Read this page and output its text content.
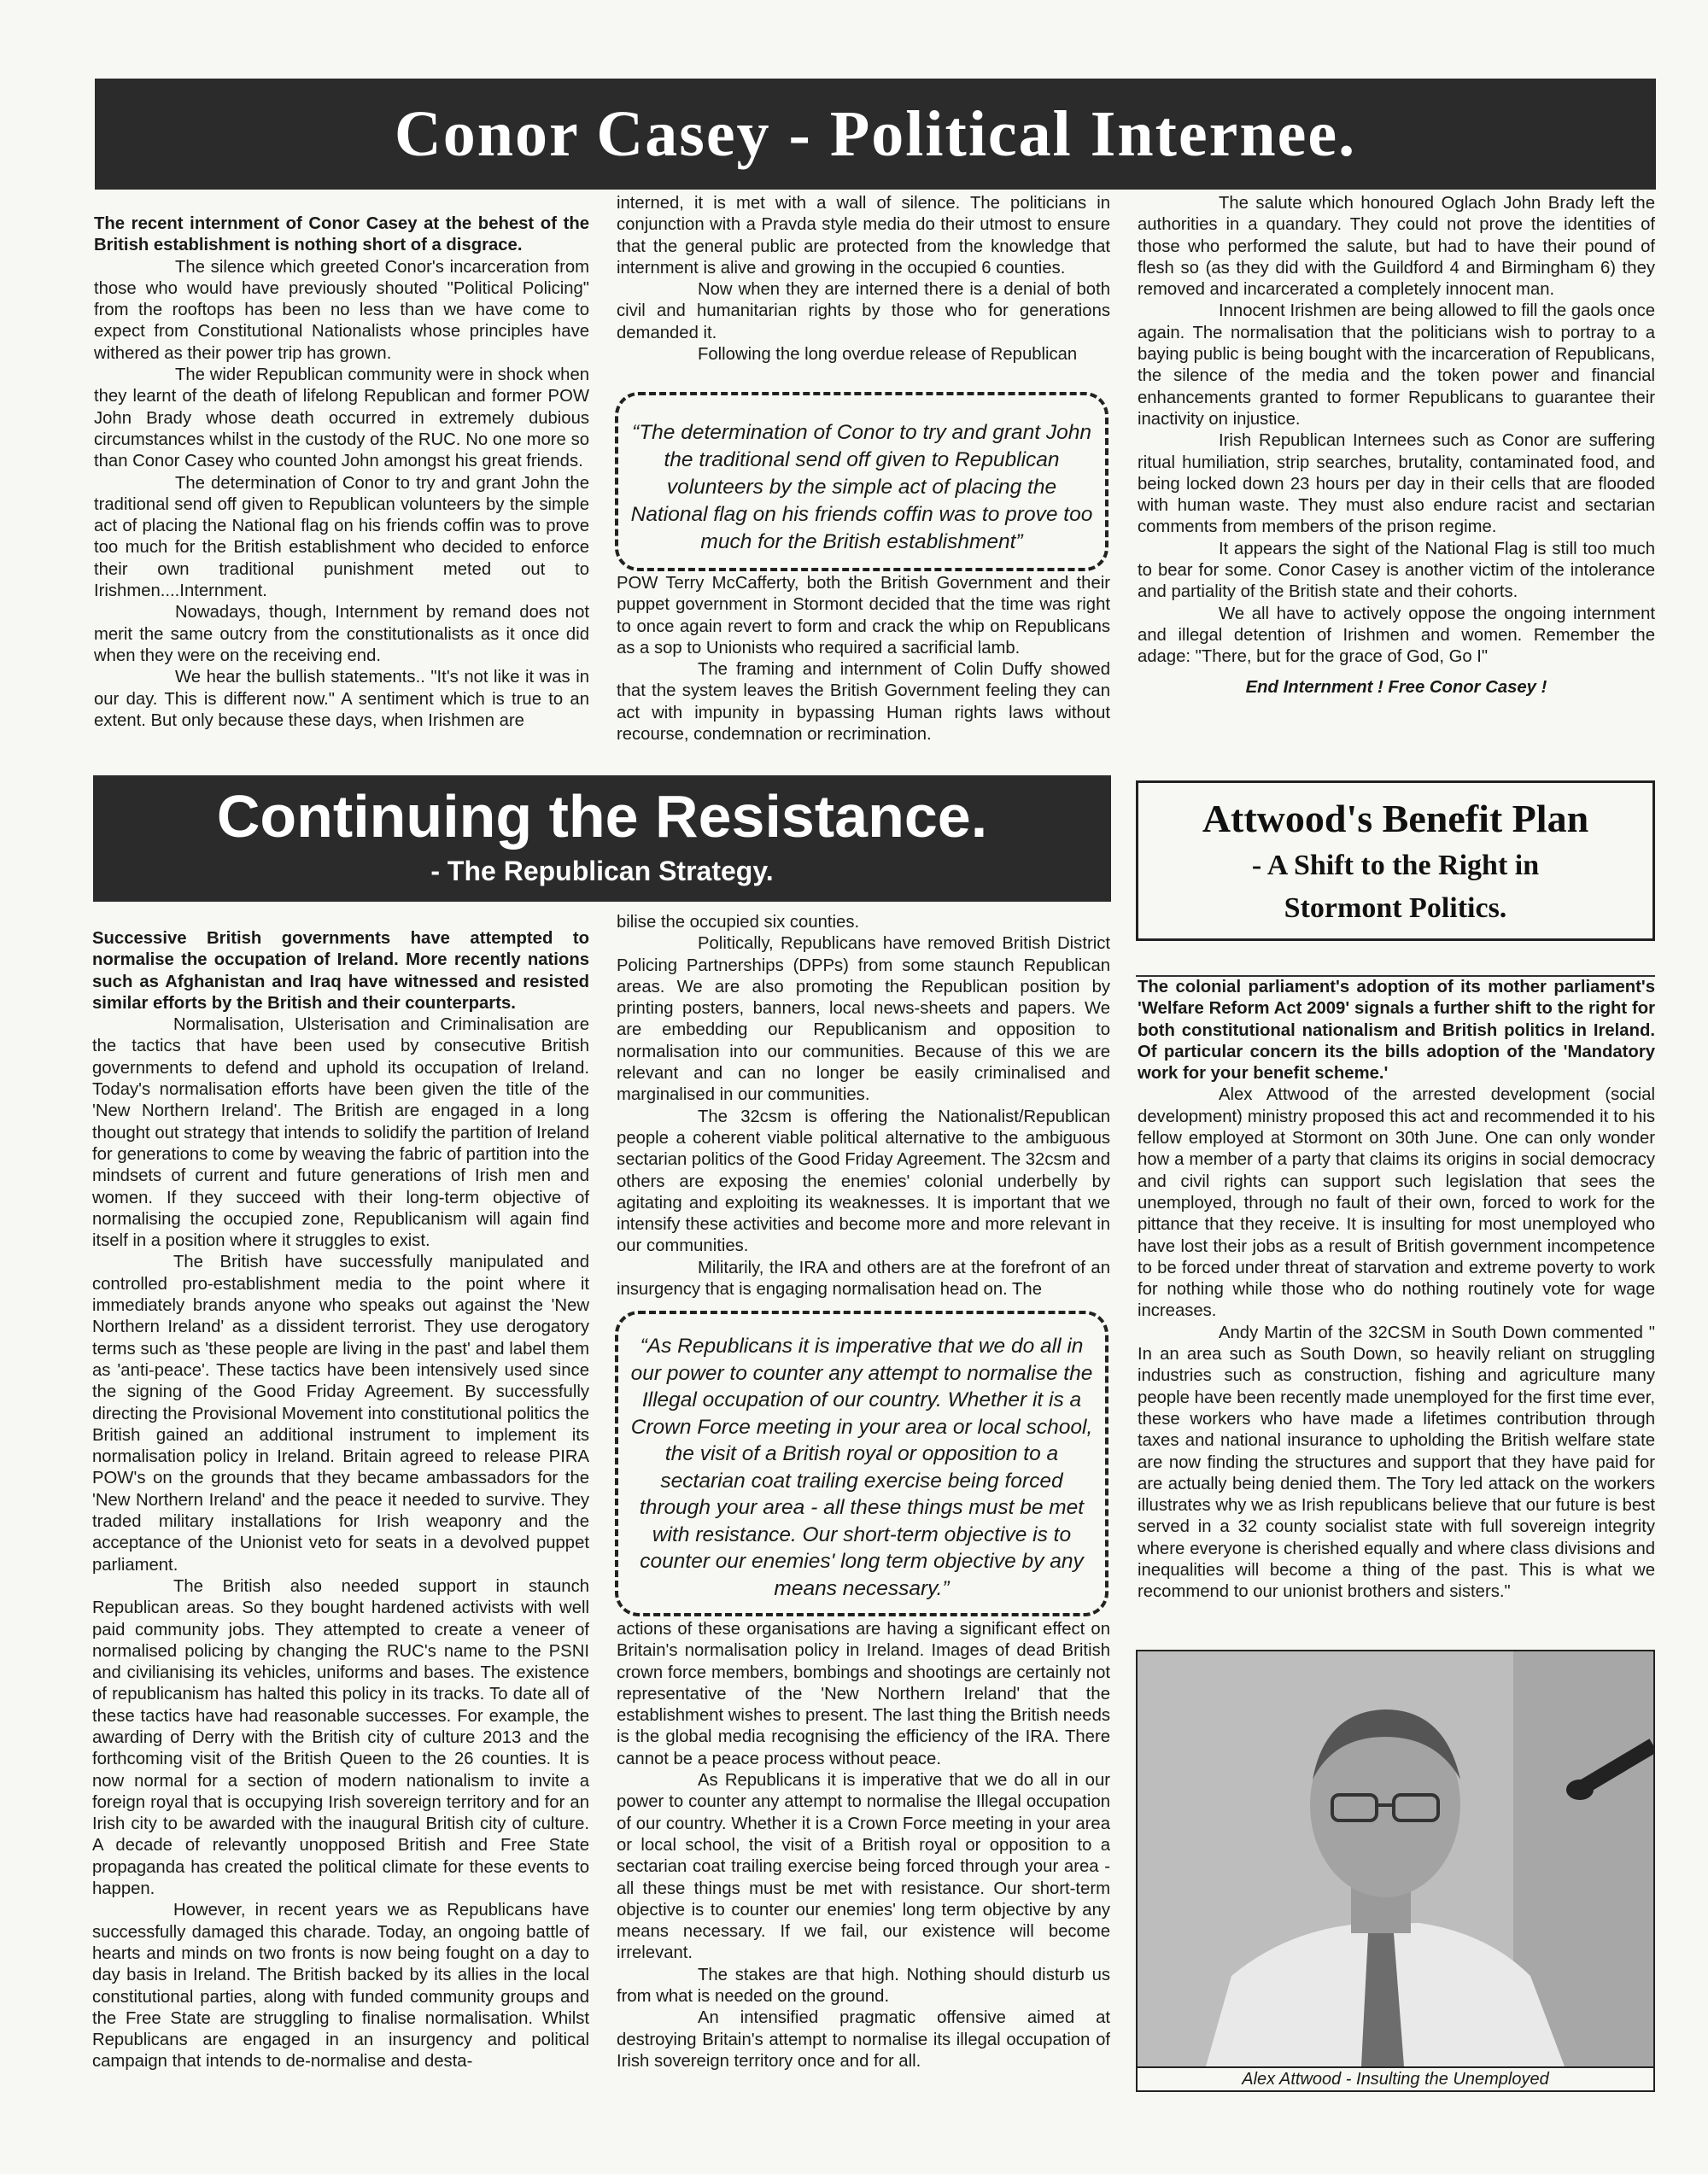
Conor Casey - Political Internee.

The recent internment of Conor Casey at the behest of the British establishment is nothing short of a disgrace.

The silence which greeted Conor's incarceration from those who would have previously shouted "Political Policing" from the rooftops has been no less than we have come to expect from Constitutional Nationalists whose principles have withered as their power trip has grown.

The wider Republican community were in shock when they learnt of the death of lifelong Republican and former POW John Brady whose death occurred in extremely dubious circumstances whilst in the custody of the RUC. No one more so than Conor Casey who counted John amongst his great friends.

The determination of Conor to try and grant John the traditional send off given to Republican volunteers by the simple act of placing the National flag on his friends coffin was to prove too much for the British establishment who decided to enforce their own traditional punishment meted out to Irishmen....Internment.

Nowadays, though, Internment by remand does not merit the same outcry from the constitutionalists as it once did when they were on the receiving end.

We hear the bullish statements.. "It's not like it was in our day. This is different now." A sentiment which is true to an extent. But only because these days, when Irishmen are

interned, it is met with a wall of silence. The politicians in conjunction with a Pravda style media do their utmost to ensure that the general public are protected from the knowledge that internment is alive and growing in the occupied 6 counties.

Now when they are interned there is a denial of both civil and humanitarian rights by those who for generations demanded it.

Following the long overdue release of Republican

“The determination of Conor to try and grant John the traditional send off given to Republican volunteers by the simple act of placing the National flag on his friends coffin was to prove too much for the British establishment”

POW Terry McCafferty, both the British Government and their puppet government in Stormont decided that the time was right to once again revert to form and crack the whip on Republicans as a sop to Unionists who required a sacrificial lamb.

The framing and internment of Colin Duffy showed that the system leaves the British Government feeling they can act with impunity in bypassing Human rights laws without recourse, condemnation or recrimination.

The salute which honoured Oglach John Brady left the authorities in a quandary. They could not prove the identities of those who performed the salute, but had to have their pound of flesh so (as they did with the Guildford 4 and Birmingham 6) they removed and incarcerated a completely innocent man.

Innocent Irishmen are being allowed to fill the gaols once again. The normalisation that the politicians wish to portray to a baying public is being bought with the incarceration of Republicans, the silence of the media and the token power and financial enhancements granted to former Republicans to guarantee their inactivity on injustice.

Irish Republican Internees such as Conor are suffering ritual humiliation, strip searches, brutality, contaminated food, and being locked down 23 hours per day in their cells that are flooded with human waste. They must also endure racist and sectarian comments from members of the prison regime.

It appears the sight of the National Flag is still too much to bear for some. Conor Casey is another victim of the intolerance and partiality of the British state and their cohorts.

We all have to actively oppose the ongoing internment and illegal detention of Irishmen and women. Remember the adage: "There, but for the grace of God, Go I"

End Internment ! Free Conor Casey !

Continuing the Resistance.
- The Republican Strategy.

Successive British governments have attempted to normalise the occupation of Ireland. More recently nations such as Afghanistan and Iraq have witnessed and resisted similar efforts by the British and their counterparts.

Normalisation, Ulsterisation and Criminalisation are the tactics that have been used by consecutive British governments to defend and uphold its occupation of Ireland. Today's normalisation efforts have been given the title of the 'New Northern Ireland'. The British are engaged in a long thought out strategy that intends to solidify the partition of Ireland for generations to come by weaving the fabric of partition into the mindsets of current and future generations of Irish men and women. If they succeed with their long-term objective of normalising the occupied zone, Republicanism will again find itself in a position where it struggles to exist.

The British have successfully manipulated and controlled pro-establishment media to the point where it immediately brands anyone who speaks out against the 'New Northern Ireland' as a dissident terrorist. They use derogatory terms such as 'these people are living in the past' and label them as 'anti-peace'. These tactics have been intensively used since the signing of the Good Friday Agreement. By successfully directing the Provisional Movement into constitutional politics the British gained an additional instrument to implement its normalisation policy in Ireland. Britain agreed to release PIRA POW's on the grounds that they became ambassadors for the 'New Northern Ireland' and the peace it needed to survive. They traded military installations for Irish weaponry and the acceptance of the Unionist veto for seats in a devolved puppet parliament.

The British also needed support in staunch Republican areas. So they bought hardened activists with well paid community jobs. They attempted to create a veneer of normalised policing by changing the RUC's name to the PSNI and civilianising its vehicles, uniforms and bases. The existence of republicanism has halted this policy in its tracks. To date all of these tactics have had reasonable successes. For example, the awarding of Derry with the British city of culture 2013 and the forthcoming visit of the British Queen to the 26 counties. It is now normal for a section of modern nationalism to invite a foreign royal that is occupying Irish sovereign territory and for an Irish city to be awarded with the inaugural British city of culture. A decade of relevantly unopposed British and Free State propaganda has created the political climate for these events to happen.

However, in recent years we as Republicans have successfully damaged this charade. Today, an ongoing battle of hearts and minds on two fronts is now being fought on a day to day basis in Ireland. The British backed by its allies in the local constitutional parties, along with funded community groups and the Free State are struggling to finalise normalisation. Whilst Republicans are engaged in an insurgency and political campaign that intends to de-normalise and desta-

bilise the occupied six counties.

Politically, Republicans have removed British District Policing Partnerships (DPPs) from some staunch Republican areas. We are also promoting the Republican position by printing posters, banners, local news-sheets and papers. We are embedding our Republicanism and opposition to normalisation into our communities. Because of this we are relevant and can no longer be easily criminalised and marginalised in our communities.

The 32csm is offering the Nationalist/Republican people a coherent viable political alternative to the ambiguous sectarian politics of the Good Friday Agreement. The 32csm and others are exposing the enemies' colonial underbelly by agitating and exploiting its weaknesses. It is important that we intensify these activities and become more and more relevant in our communities.

Militarily, the IRA and others are at the forefront of an insurgency that is engaging normalisation head on. The

“As Republicans it is imperative that we do all in our power to counter any attempt to normalise the Illegal occupation of our country. Whether it is a Crown Force meeting in your area or local school, the visit of a British royal or opposition to a sectarian coat trailing exercise being forced through your area - all these things must be met with resistance. Our short-term objective is to counter our enemies' long term objective by any means necessary.”

actions of these organisations are having a significant effect on Britain's normalisation policy in Ireland. Images of dead British crown force members, bombings and shootings are certainly not representative of the 'New Northern Ireland' that the establishment wishes to present. The last thing the British needs is the global media recognising the efficiency of the IRA. There cannot be a peace process without peace.

As Republicans it is imperative that we do all in our power to counter any attempt to normalise the Illegal occupation of our country. Whether it is a Crown Force meeting in your area or local school, the visit of a British royal or opposition to a sectarian coat trailing exercise being forced through your area - all these things must be met with resistance. Our short-term objective is to counter our enemies' long term objective by any means necessary. If we fail, our existence will become irrelevant.

The stakes are that high. Nothing should disturb us from what is needed on the ground.

An intensified pragmatic offensive aimed at destroying Britain's attempt to normalise its illegal occupation of Irish sovereign territory once and for all.

Attwood's Benefit Plan
- A Shift to the Right in
Stormont Politics.

The colonial parliament's adoption of its mother parliament's 'Welfare Reform Act 2009' signals a further shift to the right for both constitutional nationalism and British politics in Ireland. Of particular concern its the bills adoption of the 'Mandatory work for your benefit scheme.'

Alex Attwood of the arrested development (social development) ministry proposed this act and recommended it to his fellow employed at Stormont on 30th June. One can only wonder how a member of a party that claims its origins in social democracy and civil rights can support such legislation that sees the unemployed, through no fault of their own, forced to work for the pittance that they receive. It is insulting for most unemployed who have lost their jobs as a result of British government incompetence to be forced under threat of starvation and extreme poverty to work for nothing while those who do nothing routinely vote for wage increases.

Andy Martin of the 32CSM in South Down commented " In an area such as South Down, so heavily reliant on struggling industries such as construction, fishing and agriculture many people have been recently made unemployed for the first time ever, these workers who have made a lifetimes contribution through taxes and national insurance to upholding the British welfare state are now finding the structures and support that they have paid for are actually being denied them. The Tory led attack on the workers illustrates why we as Irish republicans believe that our future is best served in a 32 county socialist state with full sovereign integrity where everyone is cherished equally and where class divisions and inequalities will become a thing of the past. This is what we recommend to our unionist brothers and sisters."

Alex Attwood - Insulting the Unemployed
